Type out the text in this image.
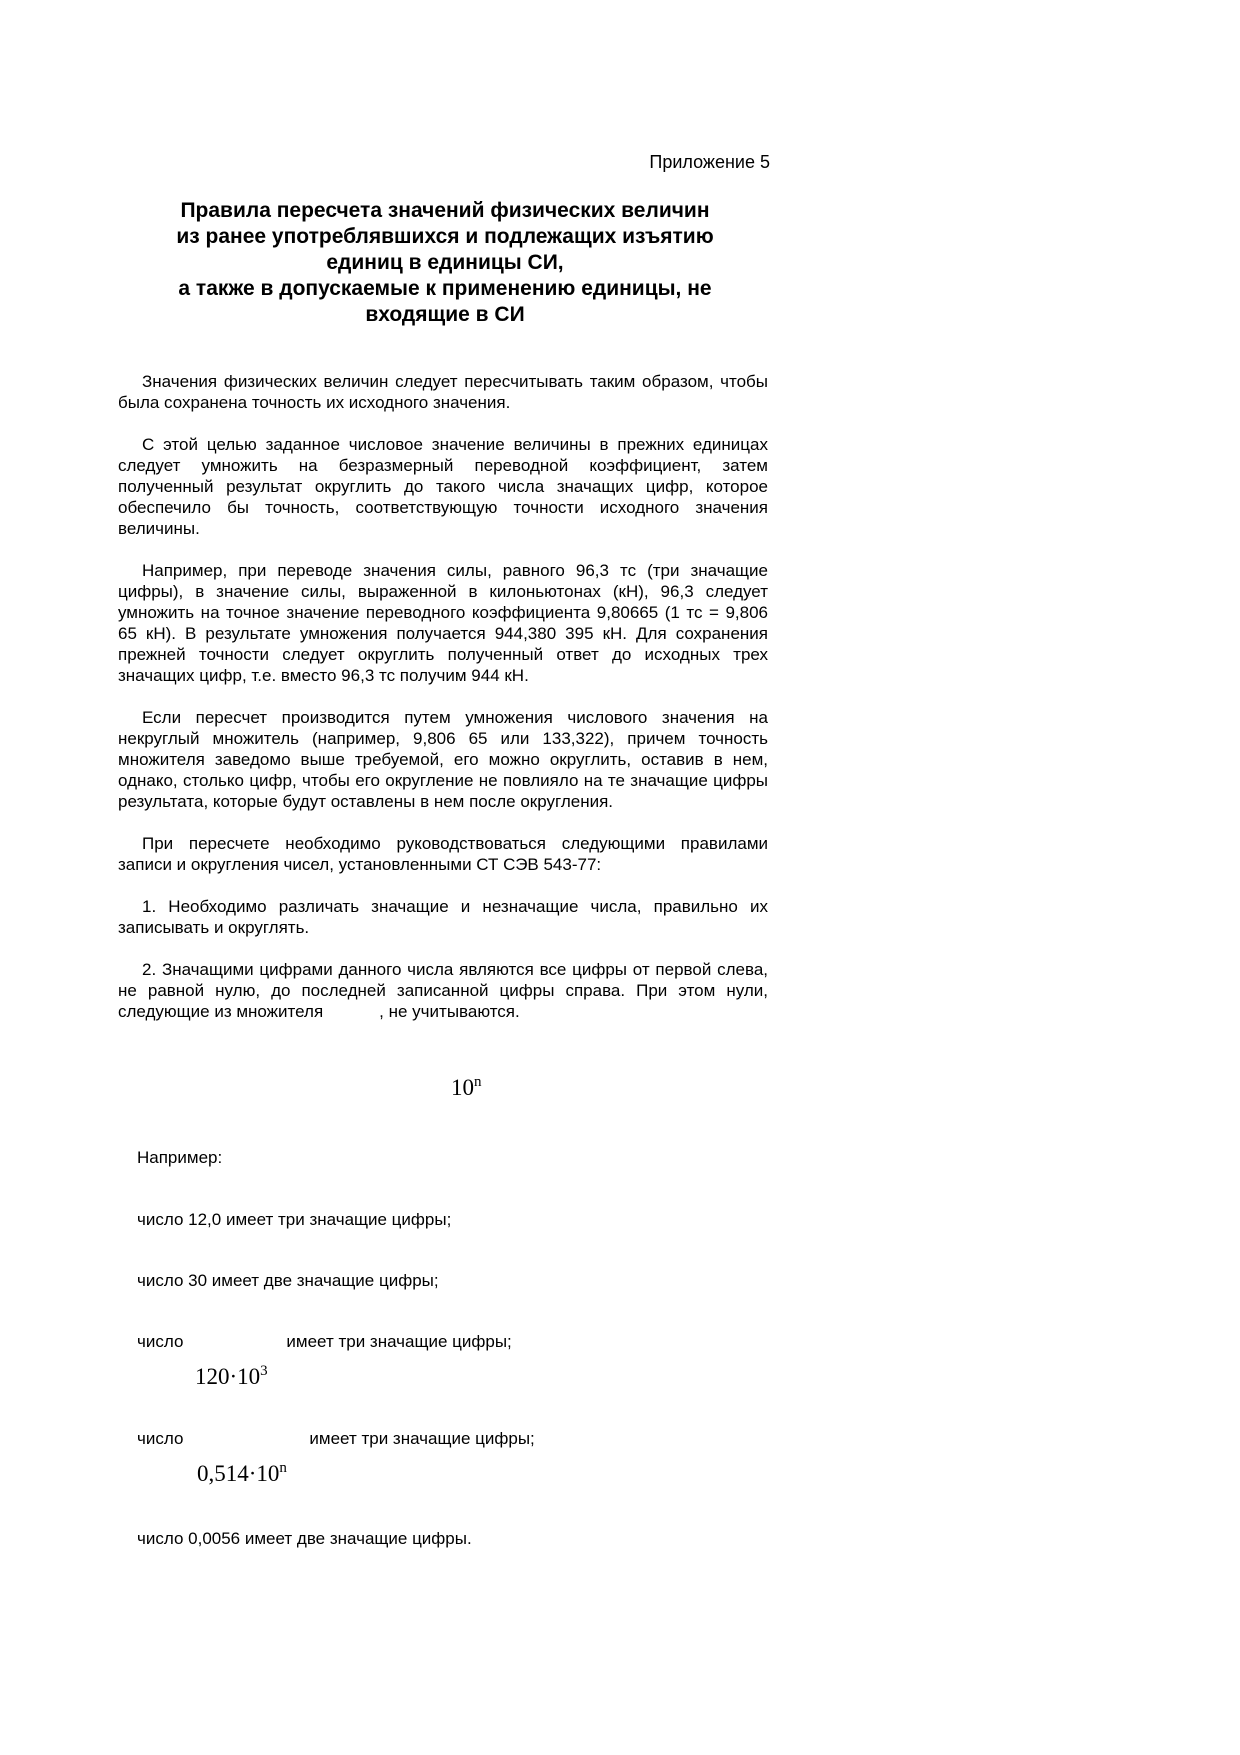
Приложение 5
Правила пересчета значений физических величин
из ранее употреблявшихся и подлежащих изъятию
единиц в единицы СИ,
а также в допускаемые к применению единицы, не
входящие в СИ

Значения физических величин следует пересчитывать таким образом, чтобы была сохранена точность их исходного значения.

С этой целью заданное числовое значение величины в прежних единицах следует умножить на безразмерный переводной коэффициент, затем полученный результат округлить до такого числа значащих цифр, которое обеспечило бы точность, соответствующую точности исходного значения величины.

Например, при переводе значения силы, равного 96,3 тс (три значащие цифры), в значение силы, выраженной в килоньютонах (кН), 96,3 следует умножить на точное значение переводного коэффициента 9,80665 (1 тс = 9,806 65 кН). В результате умножения получается 944,380 395 кН. Для сохранения прежней точности следует округлить полученный ответ до исходных трех значащих цифр, т.е. вместо 96,3 тс получим 944 кН.

Если пересчет производится путем умножения числового значения на некруглый множитель (например, 9,806 65 или 133,322), причем точность множителя заведомо выше требуемой, его можно округлить, оставив в нем, однако, столько цифр, чтобы его округление не повлияло на те значащие цифры результата, которые будут оставлены в нем после округления.

При пересчете необходимо руководствоваться следующими правилами записи и округления чисел, установленными СТ СЭВ 543-77:

1. Необходимо различать значащие и незначащие числа, правильно их записывать и округлять.

2. Значащими цифрами данного числа являются все цифры от первой слева, не равной нулю, до последней записанной цифры справа. При этом нули, следующие из множителя	, не учитываются.

10$^n$
Например:
число 12,0 имеет три значащие цифры;
число 30 имеет две значащие цифры;
число	имеет три значащие цифры;
$120\cdot 10^3$
число	имеет три значащие цифры;
$0,514\cdot 10^n$
число 0,0056 имеет две значащие цифры.
